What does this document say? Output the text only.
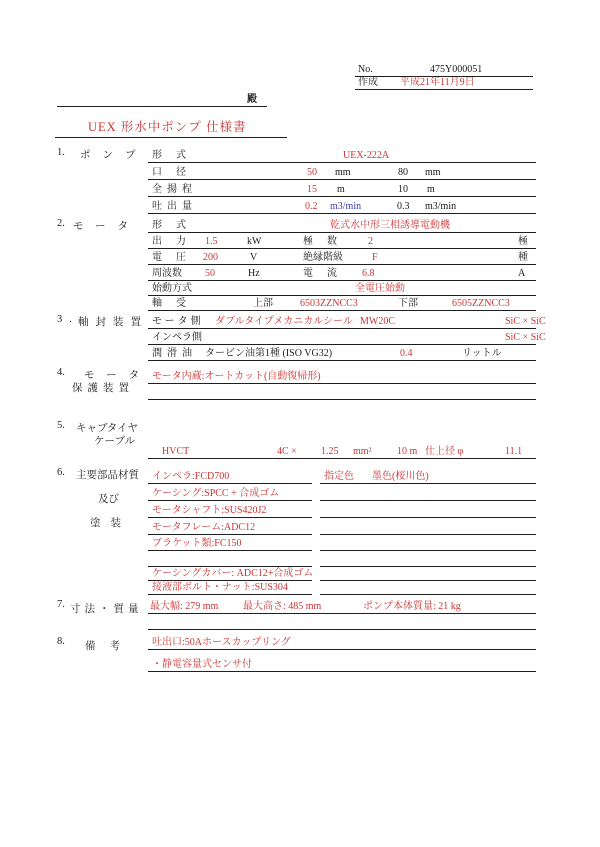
No.	475Y000051
作成 平成21年11月9日
殿
UEX 形水中ポンプ 仕様書
1. ポンプ 形式	UEX-222A
口径	50 mm	80 mm
全揚程	15 m	10 m
吐出量	0.2 m3/min	0.3 m3/min
2. モータ 形式	乾式水中形三相誘導電動機
出力 1.5	kW	極数 2	極
電圧 200	V	絶縁階級	F	種
周波数 50	Hz	電流 6.8	A
始動方式	全電圧始動
軸受	上部	6503ZZNCC3	下部	6505ZZNCC3
3. 軸封装置 モータ側 ダブルタイプメカニカルシール MW20C	SiC × SiC
インペラ側	SiC × SiC
潤滑油 タービン油第1種 (ISO VG32)	0.4	リットル
4. モータ
保護装置
モータ内蔵:オートカット(自動復帰形)
5. キャブタイヤ
ケーブル
HVCT	4C × 1.25 mm²	10 m 仕上径 φ	11.1
6. 主要部品材質
及び
塗装
インペラ:FCD700
ケーシング:SPCC + 合成ゴム
モータシャフト:SUS420J2
モータフレーム:ADC12
ブラケット類:FC150
ケーシングカバー: ADC12+合成ゴム
接液部ボルト・ナット:SUS304
指定色 墨色(桜川色)
7. 寸法・質量 最大幅: 279 mm 最大高さ: 485 mm	ポンプ本体質量: 21 kg
8. 備考 吐出口:50Aホースカップリング
・静電容量式センサ付
